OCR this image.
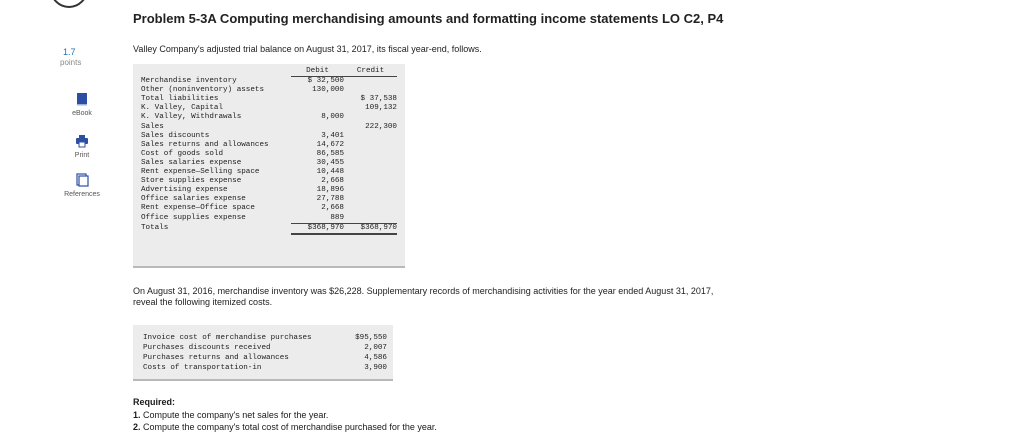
1.7
points
eBook
Print
References
Problem 5-3A Computing merchandising amounts and formatting income statements LO C2, P4
Valley Company's adjusted trial balance on August 31, 2017, its fiscal year-end, follows.
	Debit	Credit
Merchandise inventory	$ 32,500	
Other (noninventory) assets	130,000	
Total liabilities		$ 37,538
K. Valley, Capital		109,132
K. Valley, Withdrawals	8,000	
Sales		222,300
Sales discounts	3,401	
Sales returns and allowances	14,672	
Cost of goods sold	86,585	
Sales salaries expense	30,455	
Rent expense—Selling space	10,448	
Store supplies expense	2,668	
Advertising expense	18,896	
Office salaries expense	27,788	
Rent expense—Office space	2,668	
Office supplies expense	889	
Totals	$368,970	$368,970
On August 31, 2016, merchandise inventory was $26,228. Supplementary records of merchandising activities for the year ended August 31, 2017, reveal the following itemized costs.
Invoice cost of merchandise purchases	$95,550
Purchases discounts received	2,007
Purchases returns and allowances	4,586
Costs of transportation-in	3,900
Required:
1. Compute the company's net sales for the year.
2. Compute the company's total cost of merchandise purchased for the year.
